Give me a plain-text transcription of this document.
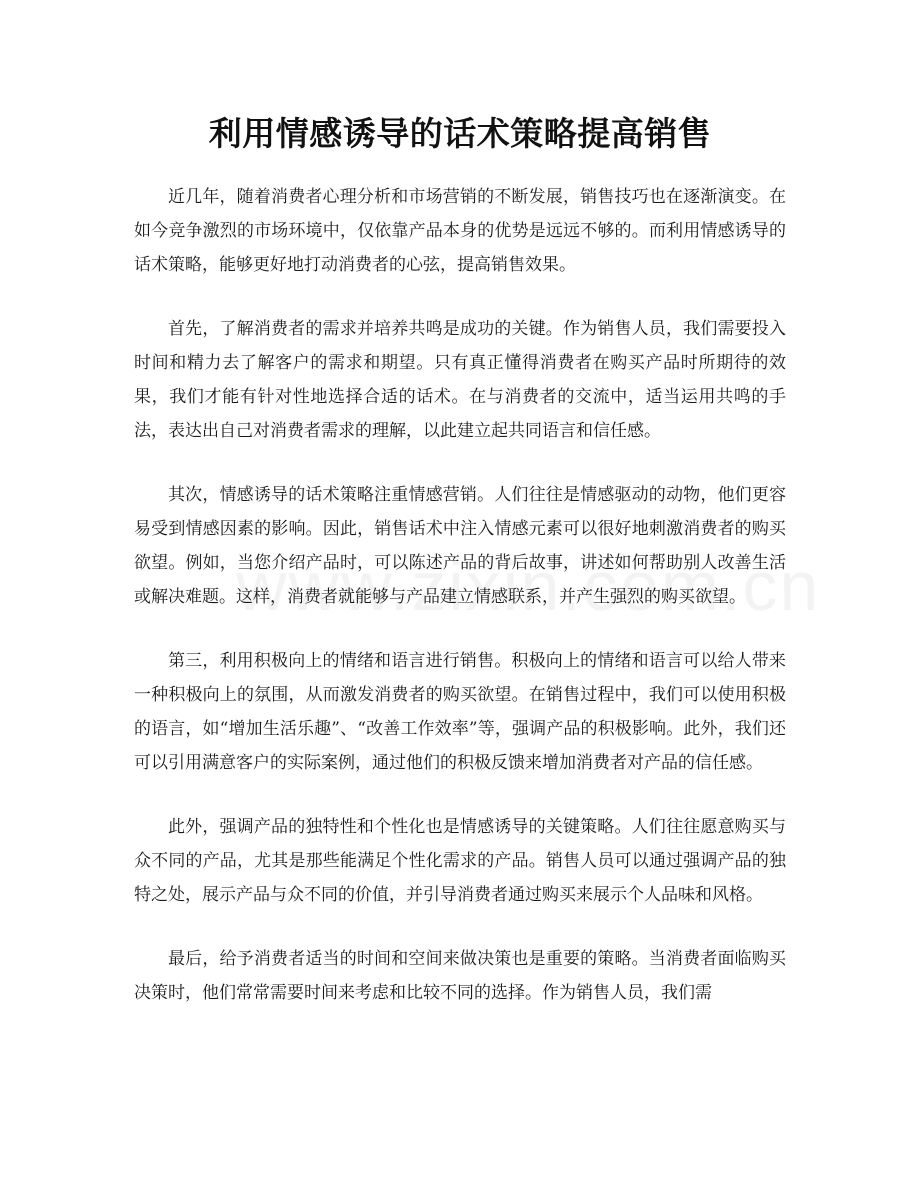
利用情感诱导的话术策略提高销售

近几年，随着消费者心理分析和市场营销的不断发展，销售技巧也在逐渐演变。在如今竞争激烈的市场环境中，仅依靠产品本身的优势是远远不够的。而利用情感诱导的话术策略，能够更好地打动消费者的心弦，提高销售效果。

首先，了解消费者的需求并培养共鸣是成功的关键。作为销售人员，我们需要投入时间和精力去了解客户的需求和期望。只有真正懂得消费者在购买产品时所期待的效果，我们才能有针对性地选择合适的话术。在与消费者的交流中，适当运用共鸣的手法，表达出自己对消费者需求的理解，以此建立起共同语言和信任感。

其次，情感诱导的话术策略注重情感营销。人们往往是情感驱动的动物，他们更容易受到情感因素的影响。因此，销售话术中注入情感元素可以很好地刺激消费者的购买欲望。例如，当您介绍产品时，可以陈述产品的背后故事，讲述如何帮助别人改善生活或解决难题。这样，消费者就能够与产品建立情感联系，并产生强烈的购买欲望。

第三，利用积极向上的情绪和语言进行销售。积极向上的情绪和语言可以给人带来一种积极向上的氛围，从而激发消费者的购买欲望。在销售过程中，我们可以使用积极的语言，如“增加生活乐趣”、“改善工作效率”等，强调产品的积极影响。此外，我们还可以引用满意客户的实际案例，通过他们的积极反馈来增加消费者对产品的信任感。

此外，强调产品的独特性和个性化也是情感诱导的关键策略。人们往往愿意购买与众不同的产品，尤其是那些能满足个性化需求的产品。销售人员可以通过强调产品的独特之处，展示产品与众不同的价值，并引导消费者通过购买来展示个人品味和风格。

最后，给予消费者适当的时间和空间来做决策也是重要的策略。当消费者面临购买决策时，他们常常需要时间来考虑和比较不同的选择。作为销售人员，我们需
